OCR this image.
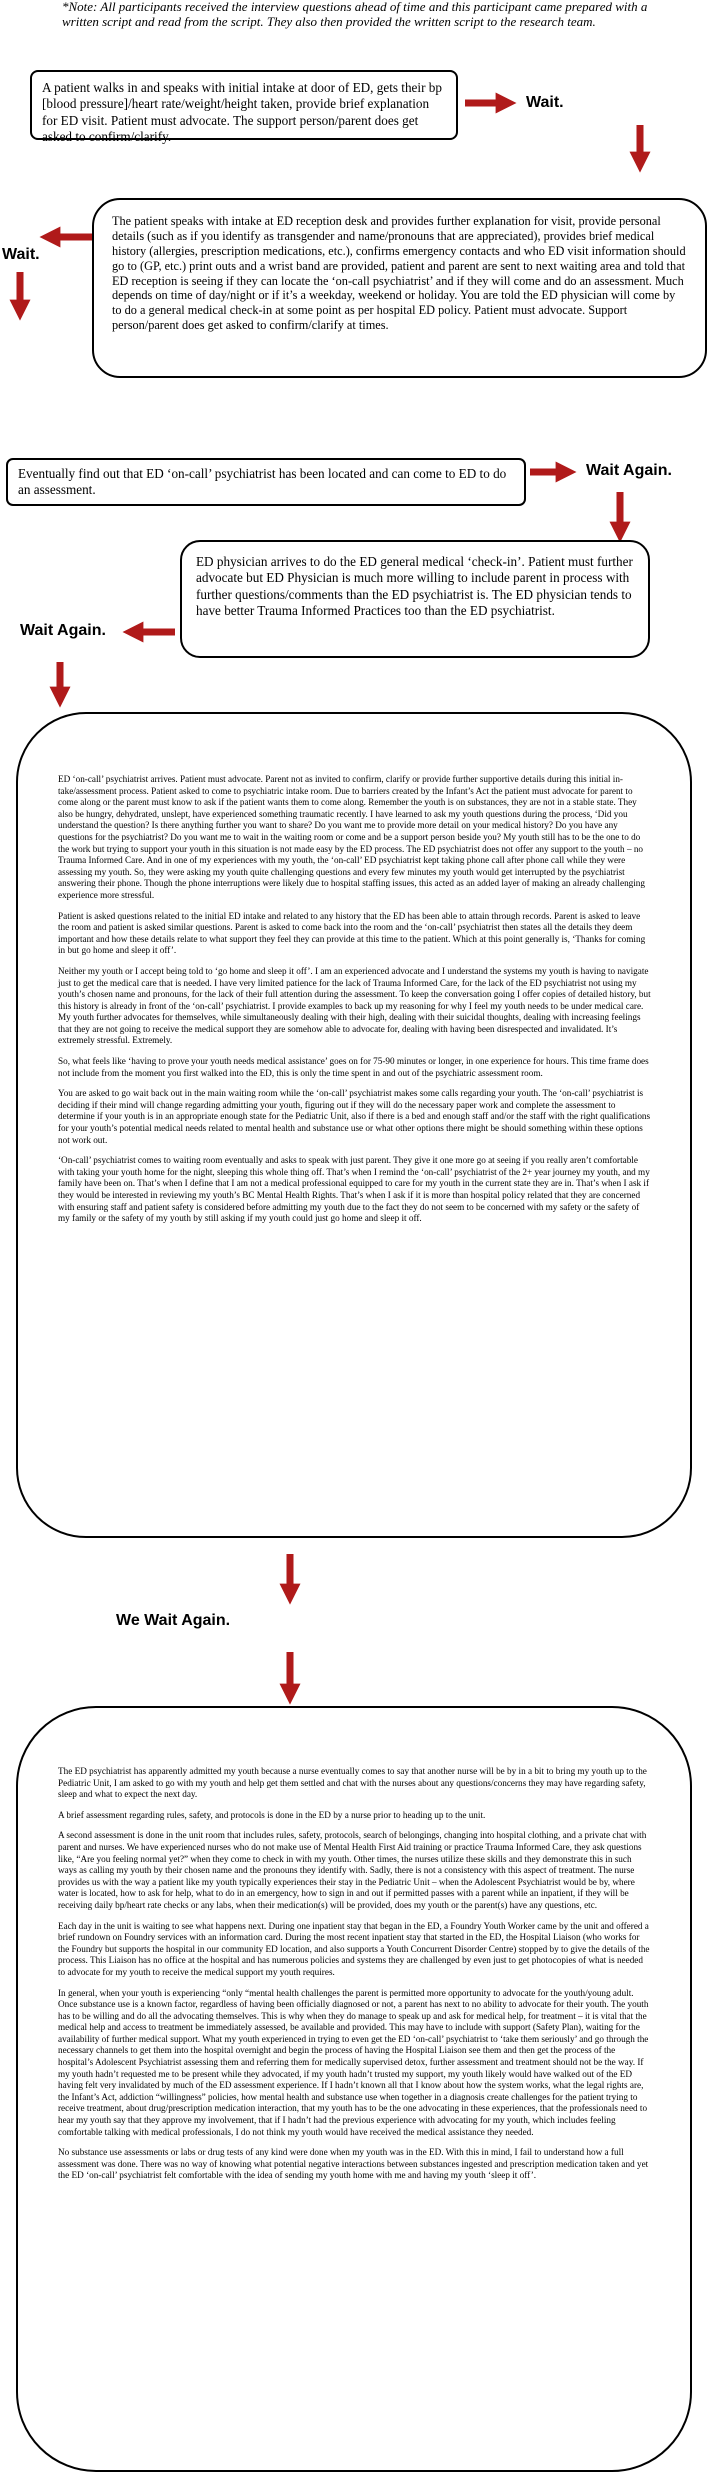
*Note: All participants received the interview questions ahead of time and this participant came prepared with a written script and read from the script. They also then provided the written script to the research team.
Wait.
Wait.
Wait Again.
Wait Again.
We Wait Again.

A patient walks in and speaks with initial intake at door of ED, gets their bp [blood pressure]/heart rate/weight/height taken, provide brief explanation for ED visit. Patient must advocate. The support person/parent does get asked to confirm/clarify.

The patient speaks with intake at ED reception desk and provides further explanation for visit, provide personal details (such as if you identify as transgender and name/pronouns that are appreciated), provides brief medical history (allergies, prescription medications, etc.), confirms emergency contacts and who ED visit information should go to (GP, etc.) print outs and a wrist band are provided, patient and parent are sent to next waiting area and told that ED reception is seeing if they can locate the ‘on-call psychiatrist’ and if they will come and do an assessment. Much depends on time of day/night or if it’s a weekday, weekend or holiday. You are told the ED physician will come by to do a general medical check-in at some point as per hospital ED policy. Patient must advocate. Support person/parent does get asked to confirm/clarify at times.

Eventually find out that ED ‘on-call’ psychiatrist has been located and can come to ED to do an assessment.

ED physician arrives to do the ED general medical ‘check-in’. Patient must further advocate but ED Physician is much more willing to include parent in process with further questions/comments than the ED psychiatrist is. The ED physician tends to have better Trauma Informed Practices too than the ED psychiatrist.

ED ‘on-call’ psychiatrist arrives. Patient must advocate. Parent not as invited to confirm, clarify or provide further supportive details during this initial in-take/assessment process. Patient asked to come to psychiatric intake room. Due to barriers created by the Infant’s Act the patient must advocate for parent to come along or the parent must know to ask if the patient wants them to come along. Remember the youth is on substances, they are not in a stable state. They also be hungry, dehydrated, unslept, have experienced something traumatic recently. I have learned to ask my youth questions during the process, ‘Did you understand the question? Is there anything further you want to share? Do you want me to provide more detail on your medical history? Do you have any questions for the psychiatrist? Do you want me to wait in the waiting room or come and be a support person beside you? My youth still has to be the one to do the work but trying to support your youth in this situation is not made easy by the ED process. The ED psychiatrist does not offer any support to the youth – no Trauma Informed Care. And in one of my experiences with my youth, the ‘on-call’ ED psychiatrist kept taking phone call after phone call while they were assessing my youth. So, they were asking my youth quite challenging questions and every few minutes my youth would get interrupted by the psychiatrist answering their phone. Though the phone interruptions were likely due to hospital staffing issues, this acted as an added layer of making an already challenging experience more stressful.

Patient is asked questions related to the initial ED intake and related to any history that the ED has been able to attain through records. Parent is asked to leave the room and patient is asked similar questions. Parent is asked to come back into the room and the ‘on-call’ psychiatrist then states all the details they deem important and how these details relate to what support they feel they can provide at this time to the patient. Which at this point generally is, ‘Thanks for coming in but go home and sleep it off’.

Neither my youth or I accept being told to ‘go home and sleep it off’. I am an experienced advocate and I understand the systems my youth is having to navigate just to get the medical care that is needed. I have very limited patience for the lack of Trauma Informed Care, for the lack of the ED psychiatrist not using my youth’s chosen name and pronouns, for the lack of their full attention during the assessment. To keep the conversation going I offer copies of detailed history, but this history is already in front of the ‘on-call’ psychiatrist. I provide examples to back up my reasoning for why I feel my youth needs to be under medical care. My youth further advocates for themselves, while simultaneously dealing with their high, dealing with their suicidal thoughts, dealing with increasing feelings that they are not going to receive the medical support they are somehow able to advocate for, dealing with having been disrespected and invalidated. It’s extremely stressful. Extremely.

So, what feels like ‘having to prove your youth needs medical assistance’ goes on for 75-90 minutes or longer, in one experience for hours. This time frame does not include from the moment you first walked into the ED, this is only the time spent in and out of the psychiatric assessment room.

You are asked to go wait back out in the main waiting room while the ‘on-call’ psychiatrist makes some calls regarding your youth. The ‘on-call’ psychiatrist is deciding if their mind will change regarding admitting your youth, figuring out if they will do the necessary paper work and complete the assessment to determine if your youth is in an appropriate enough state for the Pediatric Unit, also if there is a bed and enough staff and/or the staff with the right qualifications for your youth’s potential medical needs related to mental health and substance use or what other options there might be should something within these options not work out.

‘On-call’ psychiatrist comes to waiting room eventually and asks to speak with just parent. They give it one more go at seeing if you really aren’t comfortable with taking your youth home for the night, sleeping this whole thing off. That’s when I remind the ‘on-call’ psychiatrist of the 2+ year journey my youth, and my family have been on. That’s when I define that I am not a medical professional equipped to care for my youth in the current state they are in. That’s when I ask if they would be interested in reviewing my youth’s BC Mental Health Rights. That’s when I ask if it is more than hospital policy related that they are concerned with ensuring staff and patient safety is considered before admitting my youth due to the fact they do not seem to be concerned with my safety or the safety of my family or the safety of my youth by still asking if my youth could just go home and sleep it off.

The ED psychiatrist has apparently admitted my youth because a nurse eventually comes to say that another nurse will be by in a bit to bring my youth up to the Pediatric Unit, I am asked to go with my youth and help get them settled and chat with the nurses about any questions/concerns they may have regarding safety, sleep and what to expect the next day.

A brief assessment regarding rules, safety, and protocols is done in the ED by a nurse prior to heading up to the unit.

A second assessment is done in the unit room that includes rules, safety, protocols, search of belongings, changing into hospital clothing, and a private chat with parent and nurses. We have experienced nurses who do not make use of Mental Health First Aid training or practice Trauma Informed Care, they ask questions like, “Are you feeling normal yet?” when they come to check in with my youth. Other times, the nurses utilize these skills and they demonstrate this in such ways as calling my youth by their chosen name and the pronouns they identify with. Sadly, there is not a consistency with this aspect of treatment. The nurse provides us with the way a patient like my youth typically experiences their stay in the Pediatric Unit – when the Adolescent Psychiatrist would be by, where water is located, how to ask for help, what to do in an emergency, how to sign in and out if permitted passes with a parent while an inpatient, if they will be receiving daily bp/heart rate checks or any labs, when their medication(s) will be provided, does my youth or the parent(s) have any questions, etc.

Each day in the unit is waiting to see what happens next. During one inpatient stay that began in the ED, a Foundry Youth Worker came by the unit and offered a brief rundown on Foundry services with an information card. During the most recent inpatient stay that started in the ED, the Hospital Liaison (who works for the Foundry but supports the hospital in our community ED location, and also supports a Youth Concurrent Disorder Centre) stopped by to give the details of the process. This Liaison has no office at the hospital and has numerous policies and systems they are challenged by even just to get photocopies of what is needed to advocate for my youth to receive the medical support my youth requires.

In general, when your youth is experiencing “only “mental health challenges the parent is permitted more opportunity to advocate for the youth/young adult. Once substance use is a known factor, regardless of having been officially diagnosed or not, a parent has next to no ability to advocate for their youth. The youth has to be willing and do all the advocating themselves. This is why when they do manage to speak up and ask for medical help, for treatment – it is vital that the medical help and access to treatment be immediately assessed, be available and provided. This may have to include with support (Safety Plan), waiting for the availability of further medical support. What my youth experienced in trying to even get the ED ‘on-call’ psychiatrist to ‘take them seriously’ and go through the necessary channels to get them into the hospital overnight and begin the process of having the Hospital Liaison see them and then get the process of the hospital’s Adolescent Psychiatrist assessing them and referring them for medically supervised detox, further assessment and treatment should not be the way. If my youth hadn’t requested me to be present while they advocated, if my youth hadn’t trusted my support, my youth likely would have walked out of the ED having felt very invalidated by much of the ED assessment experience. If I hadn’t known all that I know about how the system works, what the legal rights are, the Infant’s Act, addiction “willingness” policies, how mental health and substance use when together in a diagnosis create challenges for the patient trying to receive treatment, about drug/prescription medication interaction, that my youth has to be the one advocating in these experiences, that the professionals need to hear my youth say that they approve my involvement, that if I hadn’t had the previous experience with advocating for my youth, which includes feeling comfortable talking with medical professionals, I do not think my youth would have received the medical assistance they needed.

No substance use assessments or labs or drug tests of any kind were done when my youth was in the ED. With this in mind, I fail to understand how a full assessment was done. There was no way of knowing what potential negative interactions between substances ingested and prescription medication taken and yet the ED ‘on-call’ psychiatrist felt comfortable with the idea of sending my youth home with me and having my youth ‘sleep it off’.
